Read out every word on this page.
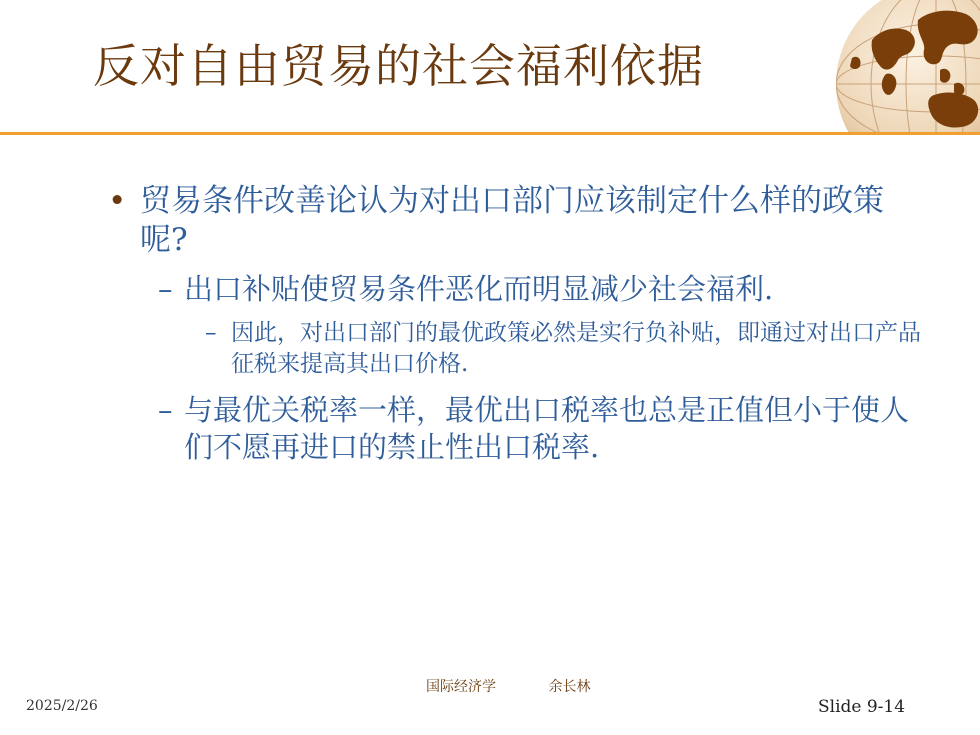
反对自由贸易的社会福利依据
• 贸易条件改善论认为对出口部门应该制定什么样的政策呢?
– 出口补贴使贸易条件恶化而明显减少社会福利.
– 因此，对出口部门的最优政策必然是实行负补贴，即通过对出口产品征税来提高其出口价格.
– 与最优关税率一样，最优出口税率也总是正值但小于使人们不愿再进口的禁止性出口税率.
国际经济学	余长林
2025/2/26	Slide 9-14
